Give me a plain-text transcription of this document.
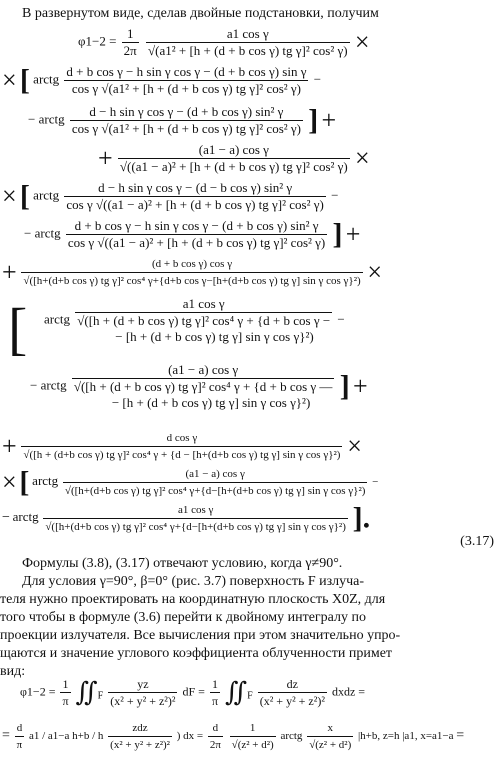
В развернутом виде, сделав двойные подстановки, получим
$\varphi 1-2 = \frac{1}{2\pi}$
$\frac{\text{a1 cos γ}}{\text{√(a1² + [h + (d + b cos γ) tg γ]² cos² γ)}}$ ×
× [ arctg $\frac{\text{d + b cos γ − h sin γ cos γ − (d + b cos γ) sin γ}}{\text{cos γ √(a1² + [h + (d + b cos γ) tg γ]² cos² γ)}}$ −
− arctg $\frac{\text{d − h sin γ cos γ − (d + b cos γ) sin² γ}}{\text{cos γ √(a1² + [h + (d + b cos γ) tg γ]² cos² γ)}}$ ] +
+ $\frac{\text{(a1 − a) cos γ}}{\text{√((a1 − a)² + [h + (d + b cos γ) tg γ]² cos² γ)}}$ ×
× [ arctg $\frac{\text{d − h sin γ cos γ − (d − b cos γ) sin² γ}}{\text{cos γ √((a1 − a)² + [h + (d + b cos γ) tg γ]² cos² γ)}}$ −
− arctg $\frac{\text{d + b cos γ − h sin γ cos γ − (d + b cos γ) sin² γ}}{\text{cos γ √((a1 − a)² + [h + (d + b cos γ) tg γ]² cos² γ)}}$ ] +
+	(d + b cos γ) cos γ
√([h+(d+b cos γ) tg γ]² cos⁴ γ+{d+b cos γ−[h+(d+b cos γ) tg γ] sin γ cos γ}²) ×
[ arctg
a1 cos γ
√([h + (d + b cos γ) tg γ]² cos⁴ γ + {d + b cos γ −
− [h + (d + b cos γ) tg γ] sin γ cos γ}²)
−
− arctg
(a1 − a) cos γ
√([h + (d + b cos γ) tg γ]² cos⁴ γ + {d + b cos γ —
− [h + (d + b cos γ) tg γ] sin γ cos γ}²) ] +
+	d cos γ
√([h + (d+b cos γ) tg γ]² cos⁴ γ + {d − [h+(d+b cos γ) tg γ] sin γ cos γ}²) ×
× [ arctg	(a1 − a) cos γ
√([h+(d+b cos γ) tg γ]² cos⁴ γ+{d−[h+(d+b cos γ) tg γ] sin γ cos γ}²)
−
− arctg	a1 cos γ
√([h+(d+b cos γ) tg γ]² cos⁴ γ+{d−[h+(d+b cos γ) tg γ] sin γ cos γ}²) ].
(3.17)
Формулы (3.8), (3.17) отвечают условию, когда γ≠90°.
Для условия γ=90°, β=0° (рис. 3.7) поверхность F излуча-
теля нужно проектировать на координатную плоскость X0Z, для
того чтобы в формуле (3.6) перейти к двойному интегралу по
проекции излучателя. Все вычисления при этом значительно упро-
щаются и значение углового коэффициента облученности примет
вид:
$\varphi 1-2 = \frac{1}{\pi}$ $∬_F \frac{yz}{\text{(x² + y² + z²)²}}$ dF = $\frac{1}{\pi}$ $∬_F \frac{dz}{\text{(x² + y² + z²)²}}$ dxdz =
= $\frac{d}{\pi} a1 / a1-a$ h+b / h
zdz
(x² + y² + z²)²
) dx = $\frac{d}{2\pi}$
$\frac{1}{\text{√(z² + d²)}}$ arctg $\frac{x}{\text{√(z² + d²)}} |h+b$, z=h |a1, x=a1−a =
